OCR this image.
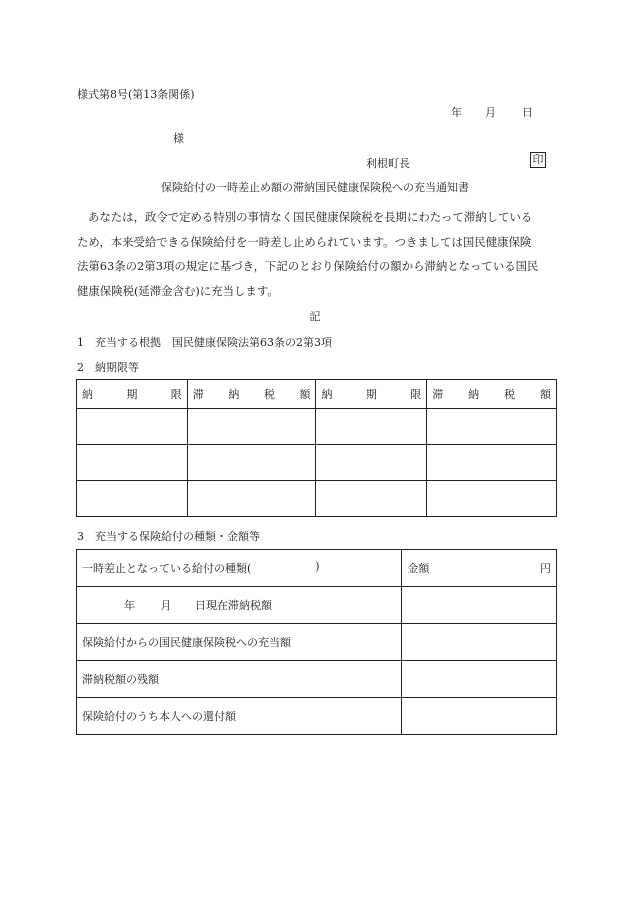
様式第8号(第13条関係)
年 月 日
様
利根町長	印
保険給付の一時差止め額の滞納国民健康保険税への充当通知書
あなたは，政令で定める特別の事情なく国民健康保険税を長期にわたって滞納している
ため，本来受給できる保険給付を一時差し止められています。つきましては国民健康保険
法第63条の2第3項の規定に基づき，下記のとおり保険給付の額から滞納となっている国民
健康保険税(延滞金含む)に充当します。
記
1　充当する根拠　国民健康保険法第63条の2第3項
2　納期限等
納 期 限	滞 納 税 額	納 期 限	滞 納 税 額

3　充当する保険給付の種類・金額等
一時差止となっている給付の種類( )	金額 円

年 月 日現在滞納税額	
保険給付からの国民健康保険税への充当額	
滞納税額の残額	
保険給付のうち本人への還付額	
